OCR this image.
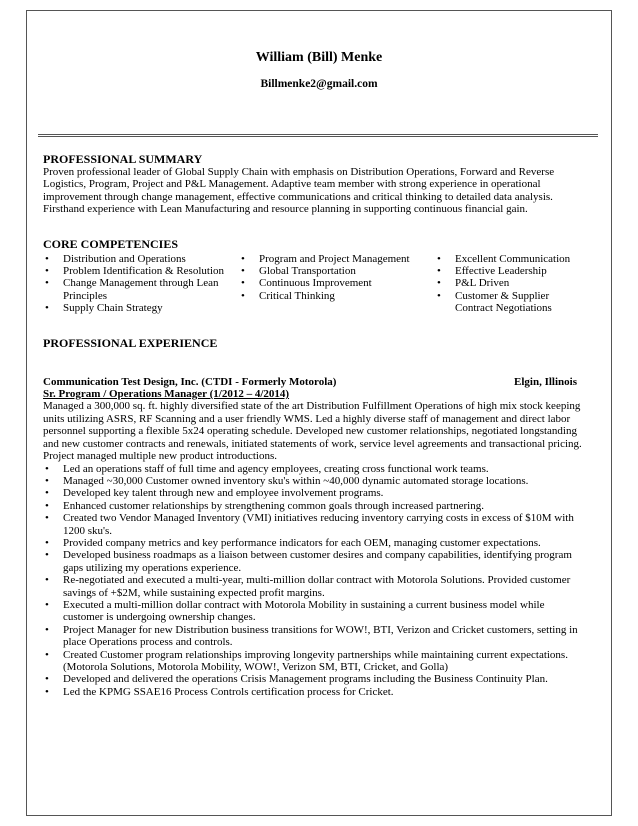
William (Bill) Menke
Billmenke2@gmail.com
PROFESSIONAL SUMMARY

Proven professional leader of Global Supply Chain with emphasis on Distribution Operations, Forward and Reverse Logistics, Program, Project and P&L Management. Adaptive team member with strong experience in operational improvement through change management, effective communications and critical thinking to detailed data analysis. Firsthand experience with Lean Manufacturing and resource planning in supporting continuous financial gain.

CORE COMPETENCIES
• Distribution and Operations
• Problem Identification & Resolution
• Change Management through Lean Principles
• Supply Chain Strategy
• Program and Project Management
• Global Transportation
• Continuous Improvement
• Critical Thinking
• Excellent Communication
• Effective Leadership
• P&L Driven
• Customer & Supplier Contract Negotiations
PROFESSIONAL EXPERIENCE
Communication Test Design, Inc. (CTDI - Formerly Motorola)	Elgin, Illinois
Sr. Program / Operations Manager (1/2012 – 4/2014)

Managed a 300,000 sq. ft. highly diversified state of the art Distribution Fulfillment Operations of high mix stock keeping units utilizing ASRS, RF Scanning and a user friendly WMS. Led a highly diverse staff of management and direct labor personnel supporting a flexible 5x24 operating schedule. Developed new customer relationships, negotiated longstanding and new customer contracts and renewals, initiated statements of work, service level agreements and transactional pricing. Project managed multiple new product introductions.

• Led an operations staff of full time and agency employees, creating cross functional work teams.
• Managed ~30,000 Customer owned inventory sku's within ~40,000 dynamic automated storage locations.
• Developed key talent through new and employee involvement programs.
• Enhanced customer relationships by strengthening common goals through increased partnering.
• Created two Vendor Managed Inventory (VMI) initiatives reducing inventory carrying costs in excess of $10M with 1200 sku's.
• Provided company metrics and key performance indicators for each OEM, managing customer expectations.
• Developed business roadmaps as a liaison between customer desires and company capabilities, identifying program gaps utilizing my operations experience.
• Re-negotiated and executed a multi-year, multi-million dollar contract with Motorola Solutions. Provided customer savings of +$2M, while sustaining expected profit margins.
• Executed a multi-million dollar contract with Motorola Mobility in sustaining a current business model while customer is undergoing ownership changes.
• Project Manager for new Distribution business transitions for WOW!, BTI, Verizon and Cricket customers, setting in place Operations process and controls.
• Created Customer program relationships improving longevity partnerships while maintaining current expectations. (Motorola Solutions, Motorola Mobility, WOW!, Verizon SM, BTI, Cricket, and Golla)
• Developed and delivered the operations Crisis Management programs including the Business Continuity Plan.
• Led the KPMG SSAE16 Process Controls certification process for Cricket.
